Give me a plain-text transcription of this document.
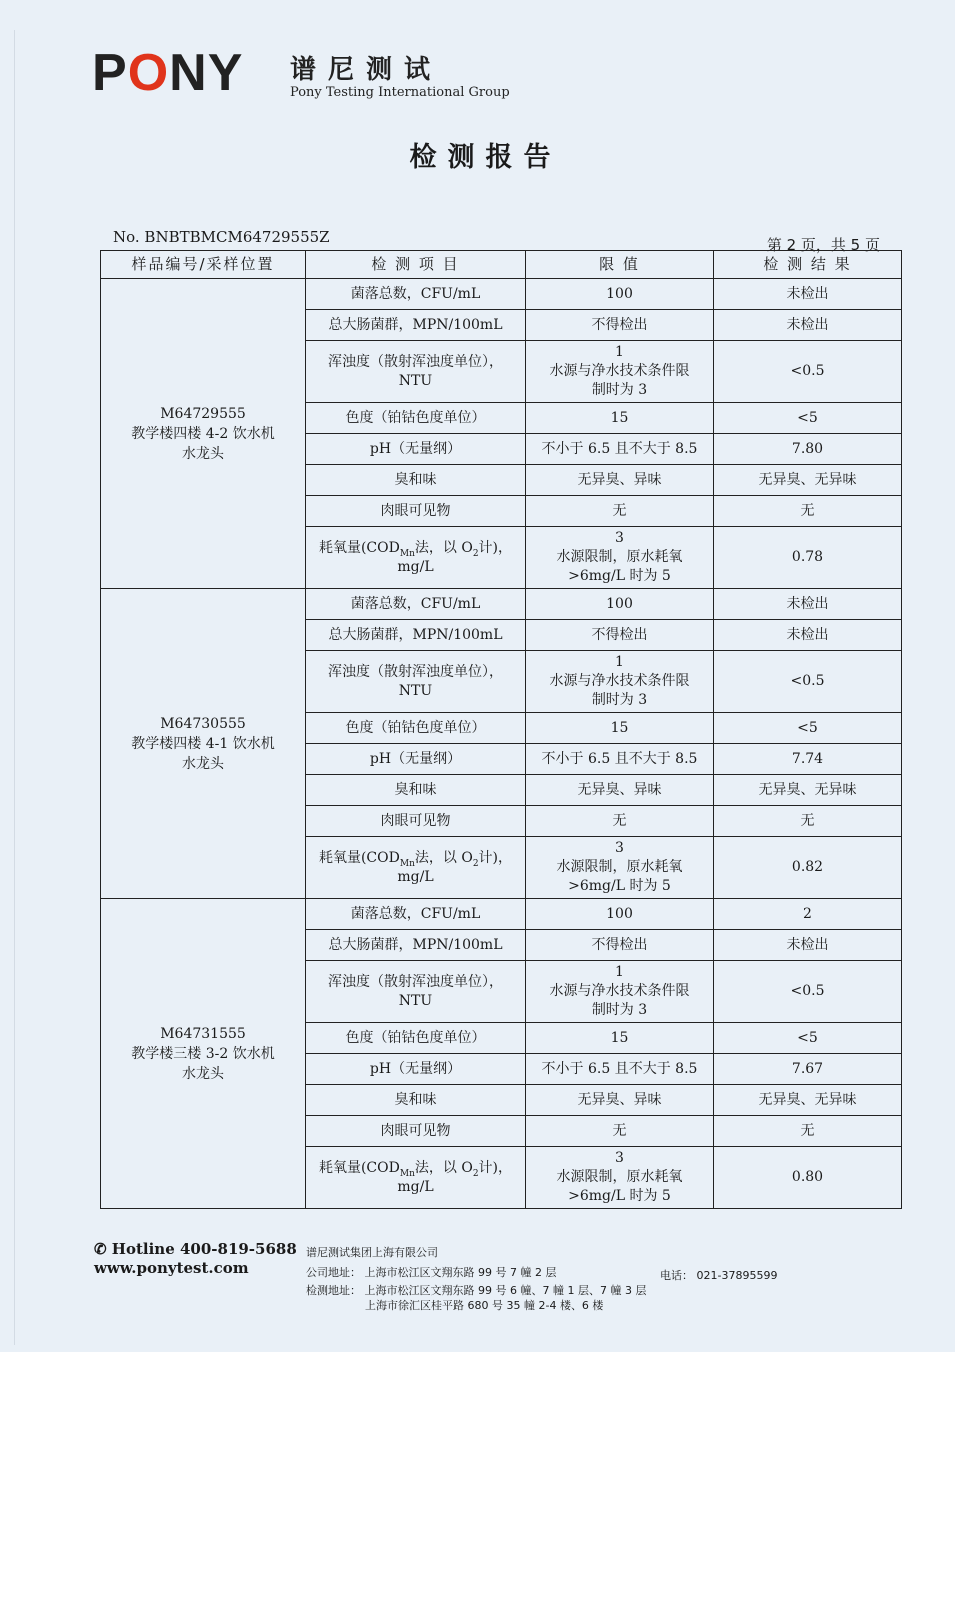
PONY 谱尼测试
Pony Testing International Group
检测报告
No. BNBTBMCM64729555Z	第 2 页，共 5 页
样品编号/采样位置	检 测 项 目	限 值	检 测 结 果
M64729555
教学楼四楼 4-2 饮水机
水龙头	菌落总数，CFU/mL	100	未检出
	总大肠菌群，MPN/100mL	不得检出	未检出
	浑浊度（散射浑浊度单位），
NTU	1
水源与净水技术条件限
制时为 3	<0.5
	色度（铂钴色度单位）	15	<5
	pH（无量纲）	不小于 6.5 且不大于 8.5	7.80
	臭和味	无异臭、异味	无异臭、无异味
	肉眼可见物	无	无
	耗氧量($COD_{Mn}$法，以 $O_2$计)，
mg/L	3
水源限制，原水耗氧
>6mg/L 时为 5	0.78
M64730555
教学楼四楼 4-1 饮水机
水龙头	菌落总数，CFU/mL	100	未检出
	总大肠菌群，MPN/100mL	不得检出	未检出
	浑浊度（散射浑浊度单位），
NTU	1
水源与净水技术条件限
制时为 3	<0.5
	色度（铂钴色度单位）	15	<5
	pH（无量纲）	不小于 6.5 且不大于 8.5	7.74
	臭和味	无异臭、异味	无异臭、无异味
	肉眼可见物	无	无
	耗氧量($COD_{Mn}$法，以 $O_2$计)，
mg/L	3
水源限制，原水耗氧
>6mg/L 时为 5	0.82
M64731555
教学楼三楼 3-2 饮水机
水龙头	菌落总数，CFU/mL	100	2
	总大肠菌群，MPN/100mL	不得检出	未检出
	浑浊度（散射浑浊度单位），
NTU	1
水源与净水技术条件限
制时为 3	<0.5
	色度（铂钴色度单位）	15	<5
	pH（无量纲）	不小于 6.5 且不大于 8.5	7.67
	臭和味	无异臭、异味	无异臭、无异味
	肉眼可见物	无	无
	耗氧量($COD_{Mn}$法，以 $O_2$计)，
mg/L	3
水源限制，原水耗氧
>6mg/L 时为 5	0.80
✆ Hotline 400-819-5688
www.ponytest.com
谱尼测试集团上海有限公司
公司地址： 上海市松江区文翔东路 99 号 7 幢 2 层
检测地址： 上海市松江区文翔东路 99 号 6 幢、7 幢 1 层、7 幢 3 层
上海市徐汇区桂平路 680 号 35 幢 2-4 楼、6 楼
电话： 021-37895599
